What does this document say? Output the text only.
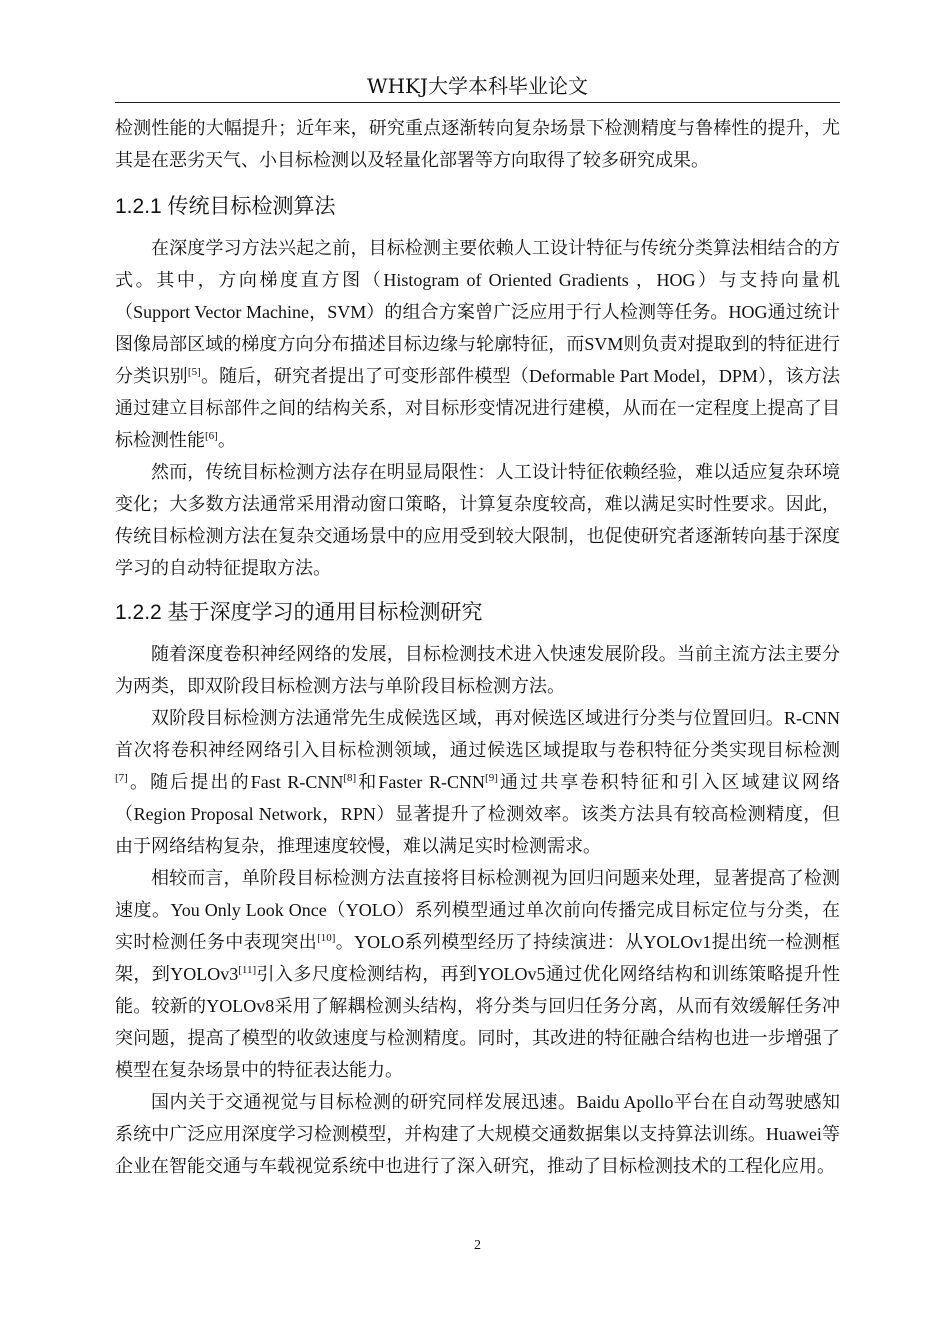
WHKJ大学本科毕业论文

检测性能的大幅提升；近年来，研究重点逐渐转向复杂场景下检测精度与鲁棒性的提升，尤其是在恶劣天气、小目标检测以及轻量化部署等方向取得了较多研究成果。

1.2.1 传统目标检测算法

在深度学习方法兴起之前，目标检测主要依赖人工设计特征与传统分类算法相结合的方式。其中，方向梯度直方图（Histogram of Oriented Gradients ，HOG）与支持向量机（Support Vector Machine，SVM）的组合方案曾广泛应用于行人检测等任务。HOG通过统计图像局部区域的梯度方向分布描述目标边缘与轮廓特征，而SVM则负责对提取到的特征进行分类识别[5]。随后，研究者提出了可变形部件模型（Deformable Part Model，DPM），该方法通过建立目标部件之间的结构关系，对目标形变情况进行建模，从而在一定程度上提高了目标检测性能[6]。

然而，传统目标检测方法存在明显局限性：人工设计特征依赖经验，难以适应复杂环境变化；大多数方法通常采用滑动窗口策略，计算复杂度较高，难以满足实时性要求。因此，传统目标检测方法在复杂交通场景中的应用受到较大限制，也促使研究者逐渐转向基于深度学习的自动特征提取方法。

1.2.2 基于深度学习的通用目标检测研究

随着深度卷积神经网络的发展，目标检测技术进入快速发展阶段。当前主流方法主要分为两类，即双阶段目标检测方法与单阶段目标检测方法。

双阶段目标检测方法通常先生成候选区域，再对候选区域进行分类与位置回归。R-CNN首次将卷积神经网络引入目标检测领域，通过候选区域提取与卷积特征分类实现目标检测[7]。随后提出的Fast R-CNN[8]和Faster R-CNN[9]通过共享卷积特征和引入区域建议网络（Region Proposal Network，RPN）显著提升了检测效率。该类方法具有较高检测精度，但由于网络结构复杂，推理速度较慢，难以满足实时检测需求。

相较而言，单阶段目标检测方法直接将目标检测视为回归问题来处理，显著提高了检测速度。You Only Look Once（YOLO）系列模型通过单次前向传播完成目标定位与分类，在实时检测任务中表现突出[10]。YOLO系列模型经历了持续演进：从YOLOv1提出统一检测框架，到YOLOv3[11]引入多尺度检测结构，再到YOLOv5通过优化网络结构和训练策略提升性能。较新的YOLOv8采用了解耦检测头结构，将分类与回归任务分离，从而有效缓解任务冲突问题，提高了模型的收敛速度与检测精度。同时，其改进的特征融合结构也进一步增强了模型在复杂场景中的特征表达能力。

国内关于交通视觉与目标检测的研究同样发展迅速。Baidu Apollo平台在自动驾驶感知系统中广泛应用深度学习检测模型，并构建了大规模交通数据集以支持算法训练。Huawei等企业在智能交通与车载视觉系统中也进行了深入研究，推动了目标检测技术的工程化应用。

2
